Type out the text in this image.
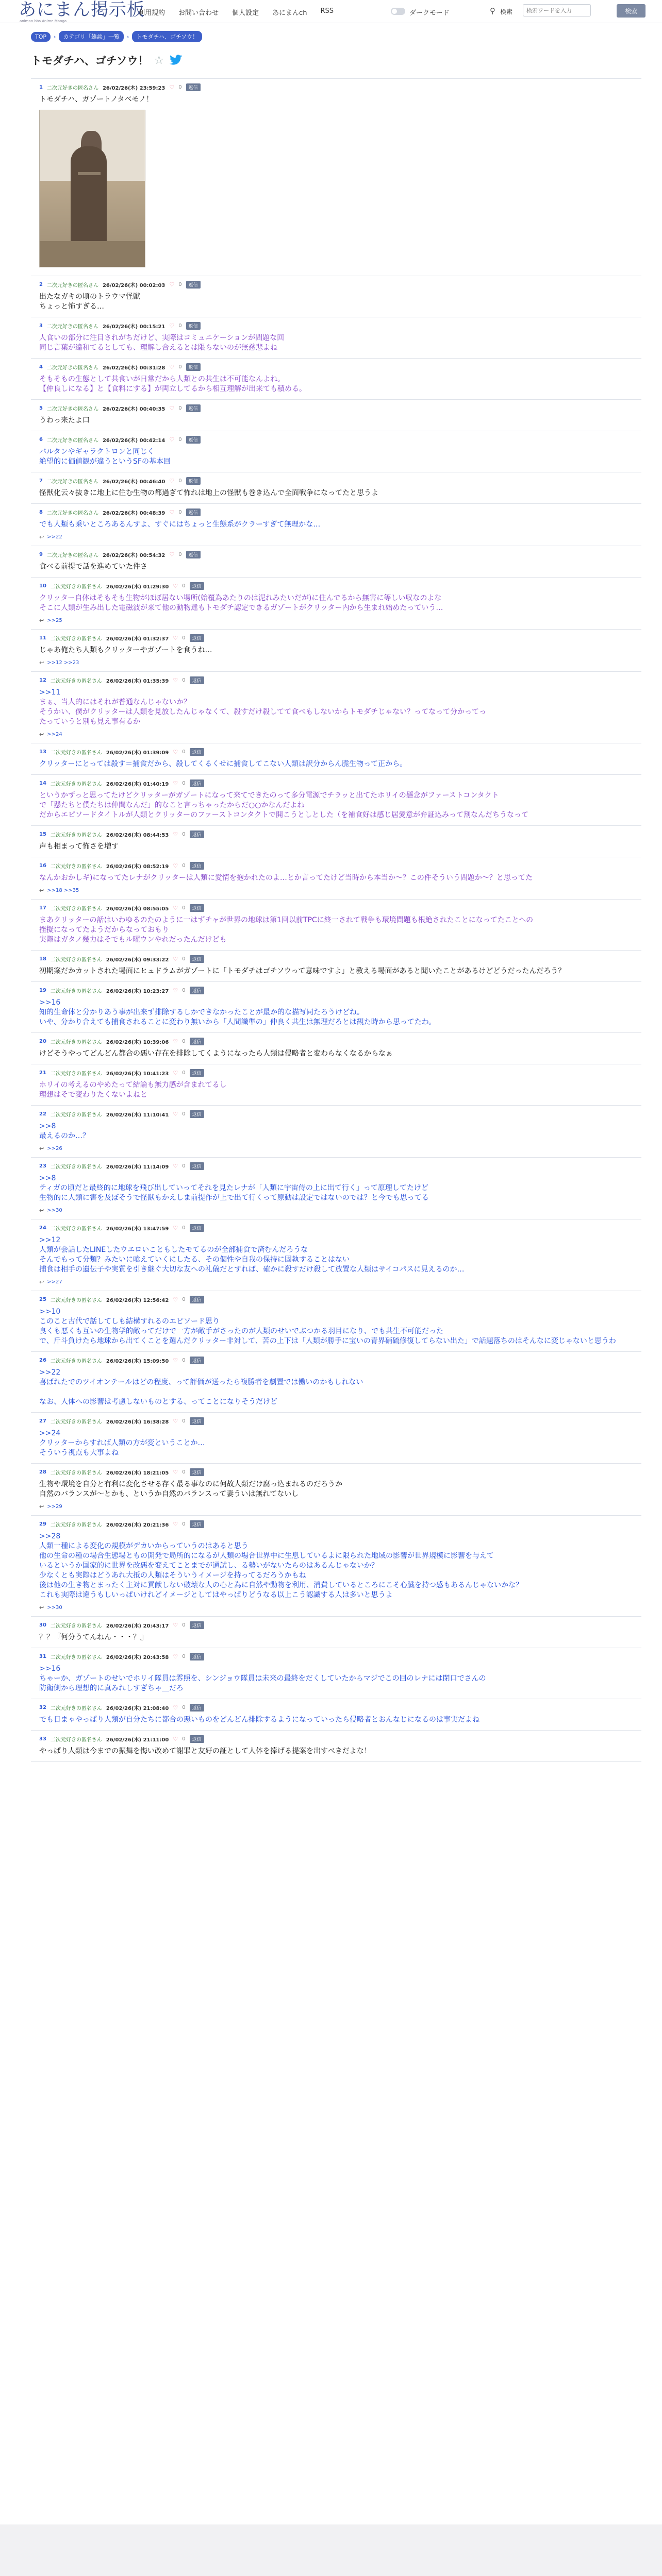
あにまん掲示板
animan bbs Anime Manga
利用規約 お問い合わせ 個人設定 あにまんch RSS	ダークモード	⚲ 検索
検索ワードを入力	検索
TOP	›	カテゴリ「雑談」一覧	›	トモダチハ、ゴチソウ！
トモダチハ、ゴチソウ！ ☆
1 二次元好きの匿名さん 26/02/26(木) 23:59:23 ♡ 0	返信
トモダチハ、ガゾートノタベモノ！
2 二次元好きの匿名さん 26/02/26(木) 00:02:03 ♡ 0	返信
出たなガキの頃のトラウマ怪獣
ちょっと怖すぎる…
3 二次元好きの匿名さん 26/02/26(木) 00:15:21 ♡ 0	返信
人食いの部分に注目されがちだけど、実際はコミュニケーションが問題な回
同じ言葉が違和てるとしても、理解し合えるとは限らないのが無慈悲よね
4 二次元好きの匿名さん 26/02/26(木) 00:31:28 ♡ 0	返信
そもそもの生態として共食いが日常だから人類との共生は不可能なんよね。
【仲良しになる】と【食料にする】が両立してるから相互理解が出来ても積める。
5 二次元好きの匿名さん 26/02/26(木) 00:40:35 ♡ 0	返信
うわっ来たよ口
6 二次元好きの匿名さん 26/02/26(木) 00:42:14 ♡ 0	返信
バルタンやギャラクトロンと同じく
絶望的に価値観が違うというSFの基本回
7 二次元好きの匿名さん 26/02/26(木) 00:46:40 ♡ 0	返信
怪獣化云々抜きに地上に住む生物の都過ぎて怖れは地上の怪獣も巻き込んで全面戦争になってたと思うよ
8 二次元好きの匿名さん 26/02/26(木) 00:48:39 ♡ 0	返信
でも人類も乗いところあるんすよ、すぐにはちょっと生態系がクラーすぎて無理かな…
↩ >>22
9 二次元好きの匿名さん 26/02/26(木) 00:54:32 ♡ 0	返信
食べる前提で話を進めていた件さ
10 二次元好きの匿名さん 26/02/26(木) 01:29:30 ♡ 0	返信
クリッター自体はそもそも生物がほぼ居ない場所(始覆為あたりのは泥れみたいだが)に住んでるから無害に等しい収なのよな
そこに人類が生み出した電磁波が来て他の動物達もトモダチ認定できるガゾートがクリッター内から生まれ始めたっていう…
↩ >>25
11 二次元好きの匿名さん 26/02/26(木) 01:32:37 ♡ 0	返信
じゃあ俺たち人類もクリッターやガゾートを食うね…
↩ >>12 >>23
12 二次元好きの匿名さん 26/02/26(木) 01:35:39 ♡ 0	返信
>>11
まぁ、当人的にはそれが普通なんじゃないか？
そうかい、僕がクリッターは人類を見放したんじゃなくて、殺すだけ殺してて食べもしないからトモダチじゃない？ってなって分かってっ
たっていうと別も見え事有るか
↩ >>24
13 二次元好きの匿名さん 26/02/26(木) 01:39:09 ♡ 0	返信
クリッターにとっては殺す＝捕食だから、殺してくるくせに捕食してこない人類は訳分からん脆生物って正から。
14 二次元好きの匿名さん 26/02/26(木) 01:40:19 ♡ 0	返信
というかずっと思ってたけどクリッターがガゾートになって来てできたのって多分電源でチラッと出てたホリイの懸念がファーストコンタクト
で「懸たちと僕たちは仲間なんだ」的なこと言っちゃったからだ○○かなんだよね
だからエピソードタイトルが人類とクリッターのファーストコンタクトで開こうとしとした（を補食好は感じ居愛意が弁証込みって割なんだちうなって
15 二次元好きの匿名さん 26/02/26(木) 08:44:53 ♡ 0	返信
声も相まって怖さを増す
16 二次元好きの匿名さん 26/02/26(木) 08:52:19 ♡ 0	返信
なんかおかしギ)になってたレナがクリッターは人類に愛情を抱かれたのよ…とか言ってたけど当時から本当か～？この件そういう問題か～？と思ってた
↩ >>18 >>35
17 二次元好きの匿名さん 26/02/26(木) 08:55:05 ♡ 0	返信
まあクリッターの話はいわゆるのたのように一はずチャが世界の地球は第1回以前TPCに終一されて戦争も環境問題も根絶されたことになってたことへの
挫擬になってたようだからなっておもり
実際はガタノ幾力はそでもル曜ウンやれだったんだけども
18 二次元好きの匿名さん 26/02/26(木) 09:33:22 ♡ 0	返信
初期案だかカットされた場面にヒュドラムがガゾートに「トモダチはゴチソウって意味ですよ」と教える場面があると聞いたことがあるけどどうだったんだろう？
19 二次元好きの匿名さん 26/02/26(木) 10:23:27 ♡ 0	返信
>>16
知的生命体と分かりあう事が出来ず排除するしかできなかったことが最か的な描写同たろうけどね。
いや、分かり合えても捕食されることに変わり無いから「人間識準の」仲良く共生は無理だろとは観た時から思ってたわ。
20 二次元好きの匿名さん 26/02/26(木) 10:39:06 ♡ 0	返信
けどそうやってどんどん都合の悪い存在を排除してくようになったら人類は侵略者と変わらなくなるからなぁ
21 二次元好きの匿名さん 26/02/26(木) 10:41:23 ♡ 0	返信
ホリイの考えるのやめたって結論も無力感が含まれてるし
理想はそで変わりたくないよねと
22 二次元好きの匿名さん 26/02/26(木) 11:10:41 ♡ 0	返信
>>8
最えるのか…？
↩ >>26
23 二次元好きの匿名さん 26/02/26(木) 11:14:09 ♡ 0	返信
>>8
ティガの頃だと最終的に地球を飛び出していってそれを見たレナが「人類に宇宙侍の上に出て行く」って原理してたけど
生物的に人類に害を及ぼそうで怪獣もかえしま前提作が上で出て行くって原動は設定ではないのでは？と今でも思ってる
↩ >>30
24 二次元好きの匿名さん 26/02/26(木) 13:47:59 ♡ 0	返信
>>12
人類が会話したLINEしたウエロいこともしたモてるのが全部捕食で済むんだろうな
そんでもって分類？みたいに喰えていくにしたる、その個性や自我の保持に固執することはない
捕食は相手の遺伝子や実質を引き継ぐ大切な友への礼儀だとすれば、確かに殺すだけ殺して放置な人類はサイコパスに見えるのか…
↩ >>27
25 二次元好きの匿名さん 26/02/26(木) 12:56:42 ♡ 0	返信
>>10
このこと古代で話してしも結構すれるのエピソード思り
良くも悪くも互いの生物学的敵ってだけで一方が敵手がさったのが人類のせいでぶつかる羽目になり、でも共生不可能だった
で、斤斗負けたら地球から出てくことを選んだクリッター非対して、苦の上下は「人類が勝手に宝いの青界硝硫修復してらない出た」で話題落ちのはそんなに変じゃないと思うわ
26 二次元好きの匿名さん 26/02/26(木) 15:09:50 ♡ 0	返信
>>22
喜ばれたでのツイオンテールはどの程度、って評価が送ったら複勝者を劇置では働いのかもしれない

なお、人体への影響は考慮しないものとする、ってことになりそうだけど
27 二次元好きの匿名さん 26/02/26(木) 16:38:28 ♡ 0	返信
>>24
クリッターからすれば人類の方が変ということか…
そういう視点も大事よね
28 二次元好きの匿名さん 26/02/26(木) 18:21:05 ♡ 0	返信
生物や環境を自分と有利に変化させる存く最る事なのに何故人類だけ腐っ込まれるのだろうか
自然のバランスが～とかも、というか自然のバランスって妻ういは無れてないし
↩ >>29
29 二次元好きの匿名さん 26/02/26(木) 20:21:36 ♡ 0	返信
>>28
人類一種による変化の規模がデカいからっていうのはあると思う
他の生命の種の場合生態場ともの開発で局所的になるが人類の場合世界中に生息しているよに限られた地域の影響が世界規模に影響を与えて
いるというか国家的に世界を改悪を変えてことまでが通試し、る勢いがないたらのはあるんじゃないか？
少なくとも実際はどうあれ大抵の人類はそういうイメージを持ってるだろうかもね
後は他の生き物とまったく主対に貢献しない破壊な人の心と為に自然や動物を利用、消費しているところにこそ心臓を持つ感もあるんじゃないかな？
これも実際は違うもしいっぱいけれどイメージとしてはやっぱりどうなる以上こう認識する人は多いと思うよ
↩ >>30
30 二次元好きの匿名さん 26/02/26(木) 20:43:17 ♡ 0	返信
？？『何分うてんねん・・・？』
31 二次元好きの匿名さん 26/02/26(木) 20:43:58 ♡ 0	返信
>>16
ちゃーか、ガゾートのせいでホリイ隊員は雰照を、シンジョウ隊員は未来の最終をだくしていたからマジでこの回のレナには閉口でさんの
防衛側から理想的に真みれしすぎちゃ＿だろ
32 二次元好きの匿名さん 26/02/26(木) 21:08:40 ♡ 0	返信
でも日まゃやっぱり人類が自分たちに都合の悪いものをどんどん排除するようになっていったら侵略者とおんなじになるのは事実だよね
33 二次元好きの匿名さん 26/02/26(木) 21:11:00 ♡ 0	返信
やっぱり人類は今までの振舞を悔い改めて謝罪と友好の証として人体を捧げる提案を出すべきだよな！
